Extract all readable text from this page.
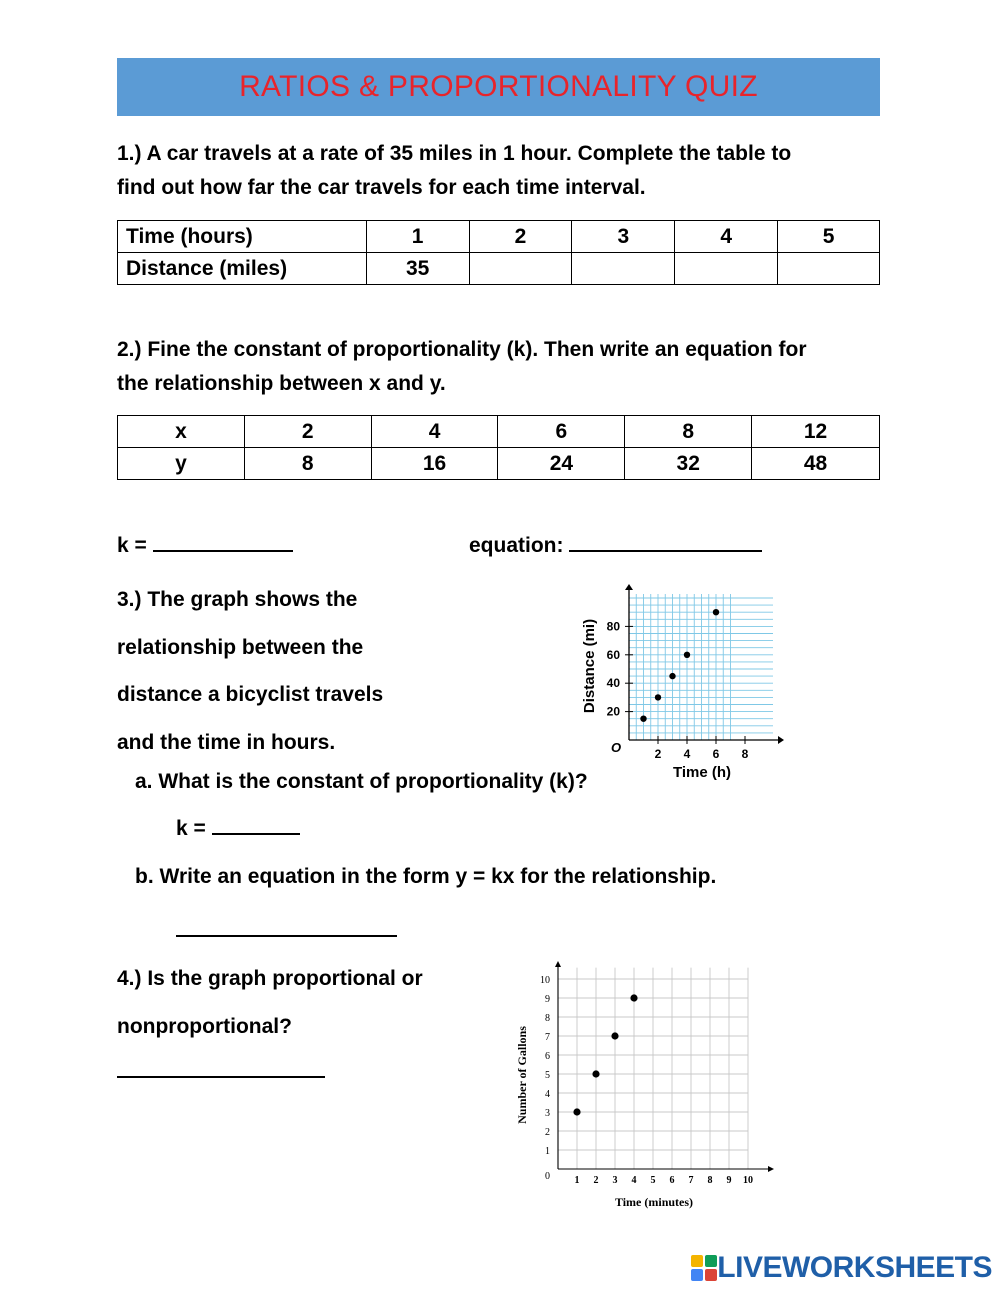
RATIOS & PROPORTIONALITY QUIZ
1.) A car travels at a rate of 35 miles in 1 hour. Complete the table to
find out how far the car travels for each time interval.
Time (hours)	1	2	3	4	5
Distance (miles)	35				
2.) Fine the constant of proportionality (k). Then write an equation for
the relationship between x and y.
x	2	4	6	8	12
y	8	16	24	32	48
k =	equation:
3.) The graph shows the
relationship between the
distance a bicyclist travels
and the time in hours.
2 4 6 8
20
40
60
80
O
Time (h)
Distance (mi)
a. What is the constant of proportionality (k)?
k =
b. Write an equation in the form y = kx for the relationship.
4.) Is the graph proportional or
nonproportional?
1 2 3 4 5 6 7 8 9 10
1
2
3
4
5
6
7
8
9
10
0
Time (minutes)
Number of Gallons
LIVEWORKSHEETS
